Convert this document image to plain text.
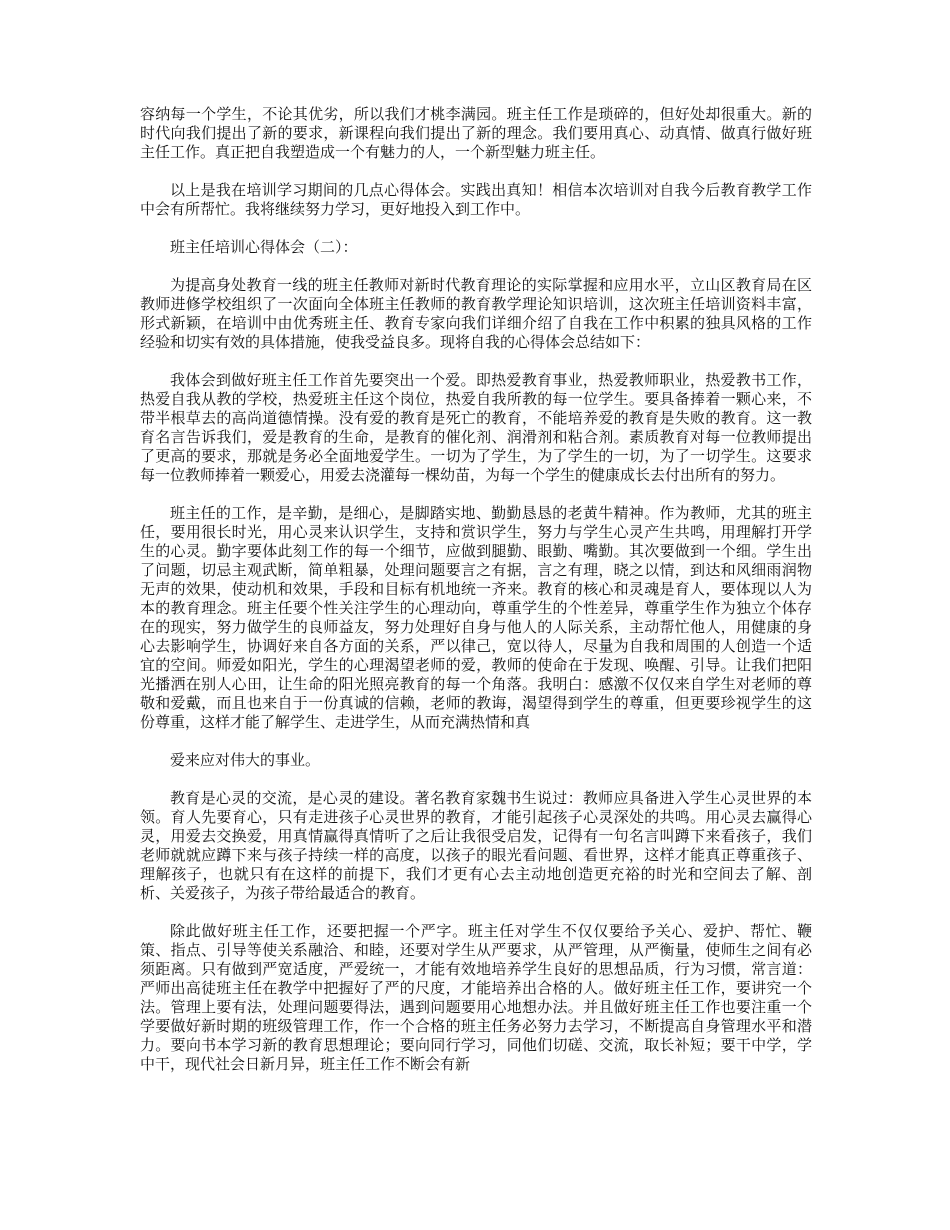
容纳每一个学生，不论其优劣，所以我们才桃李满园。班主任工作是琐碎的，但好处却很重大。新的时代向我们提出了新的要求，新课程向我们提出了新的理念。我们要用真心、动真情、做真行做好班主任工作。真正把自我塑造成一个有魅力的人，一个新型魅力班主任。

以上是我在培训学习期间的几点心得体会。实践出真知！相信本次培训对自我今后教育教学工作中会有所帮忙。我将继续努力学习，更好地投入到工作中。

班主任培训心得体会（二）：

为提高身处教育一线的班主任教师对新时代教育理论的实际掌握和应用水平，立山区教育局在区教师进修学校组织了一次面向全体班主任教师的教育教学理论知识培训，这次班主任培训资料丰富，形式新颖，在培训中由优秀班主任、教育专家向我们详细介绍了自我在工作中积累的独具风格的工作经验和切实有效的具体措施，使我受益良多。现将自我的心得体会总结如下：

我体会到做好班主任工作首先要突出一个爱。即热爱教育事业，热爱教师职业，热爱教书工作，热爱自我从教的学校，热爱班主任这个岗位，热爱自我所教的每一位学生。要具备捧着一颗心来，不带半根草去的高尚道德情操。没有爱的教育是死亡的教育，不能培养爱的教育是失败的教育。这一教育名言告诉我们，爱是教育的生命，是教育的催化剂、润滑剂和粘合剂。素质教育对每一位教师提出了更高的要求，那就是务必全面地爱学生。一切为了学生，为了学生的一切，为了一切学生。这要求每一位教师捧着一颗爱心，用爱去浇灌每一棵幼苗，为每一个学生的健康成长去付出所有的努力。

班主任的工作，是辛勤，是细心，是脚踏实地、勤勤恳恳的老黄牛精神。作为教师，尤其的班主任，要用很长时光，用心灵来认识学生，支持和赏识学生，努力与学生心灵产生共鸣，用理解打开学生的心灵。勤字要体此刻工作的每一个细节，应做到腿勤、眼勤、嘴勤。其次要做到一个细。学生出了问题，切忌主观武断，简单粗暴，处理问题要言之有据，言之有理，晓之以情，到达和风细雨润物无声的效果，使动机和效果，手段和目标有机地统一齐来。教育的核心和灵魂是育人，要体现以人为本的教育理念。班主任要个性关注学生的心理动向，尊重学生的个性差异，尊重学生作为独立个体存在的现实，努力做学生的良师益友，努力处理好自身与他人的人际关系，主动帮忙他人，用健康的身心去影响学生，协调好来自各方面的关系，严以律己，宽以待人，尽量为自我和周围的人创造一个适宜的空间。师爱如阳光，学生的心理渴望老师的爱，教师的使命在于发现、唤醒、引导。让我们把阳光播洒在别人心田，让生命的阳光照亮教育的每一个角落。我明白：感激不仅仅来自学生对老师的尊敬和爱戴，而且也来自于一份真诚的信赖，老师的教诲，渴望得到学生的尊重，但更要珍视学生的这份尊重，这样才能了解学生、走进学生，从而充满热情和真

爱来应对伟大的事业。

教育是心灵的交流，是心灵的建设。著名教育家魏书生说过：教师应具备进入学生心灵世界的本领。育人先要育心，只有走进孩子心灵世界的教育，才能引起孩子心灵深处的共鸣。用心灵去赢得心灵，用爱去交换爱，用真情赢得真情听了之后让我很受启发，记得有一句名言叫蹲下来看孩子，我们老师就就应蹲下来与孩子持续一样的高度，以孩子的眼光看问题、看世界，这样才能真正尊重孩子、理解孩子，也就只有在这样的前提下，我们才更有心去主动地创造更充裕的时光和空间去了解、剖析、关爱孩子，为孩子带给最适合的教育。

除此做好班主任工作，还要把握一个严字。班主任对学生不仅仅要给予关心、爱护、帮忙、鞭策、指点、引导等使关系融洽、和睦，还要对学生从严要求，从严管理，从严衡量，使师生之间有必须距离。只有做到严宽适度，严爱统一，才能有效地培养学生良好的思想品质，行为习惯，常言道：严师出高徒班主任在教学中把握好了严的尺度，才能培养出合格的人。做好班主任工作，要讲究一个法。管理上要有法，处理问题要得法，遇到问题要用心地想办法。并且做好班主任工作也要注重一个学要做好新时期的班级管理工作，作一个合格的班主任务必努力去学习，不断提高自身管理水平和潜力。要向书本学习新的教育思想理论；要向同行学习，同他们切磋、交流，取长补短；要干中学，学中干，现代社会日新月异，班主任工作不断会有新
